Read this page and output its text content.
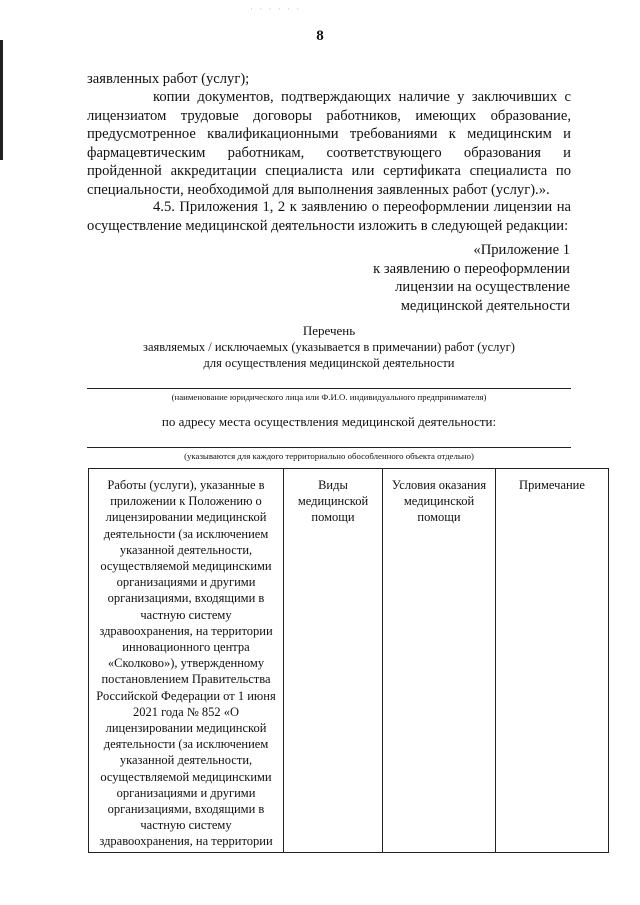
· · · · · ·
8
заявленных работ (услуг);
копии документов, подтверждающих наличие у заключивших с лицензиатом трудовые договоры работников, имеющих образование, предусмотренное квалификационными требованиями к медицинским и фармацевтическим работникам, соответствующего образования и пройденной аккредитации специалиста или сертификата специалиста по специальности, необходимой для выполнения заявленных работ (услуг).».
4.5. Приложения 1, 2 к заявлению о переоформлении лицензии на осуществление медицинской деятельности изложить в следующей редакции:
«Приложение 1
к заявлению о переоформлении
лицензии на осуществление
медицинской деятельности
Перечень
заявляемых / исключаемых (указывается в примечании) работ (услуг)
для осуществления медицинской деятельности
(наименование юридического лица или Ф.И.О. индивидуального предпринимателя)
по адресу места осуществления медицинской деятельности:
(указываются для каждого территориально обособленного объекта отдельно)
Работы (услуги), указанные в приложении к Положению о лицензировании медицинской деятельности (за исключением указанной деятельности, осуществляемой медицинскими организациями и другими организациями, входящими в частную систему здравоохранения, на территории инновационного центра «Сколково»), утвержденному постановлением Правительства Российской Федерации от 1 июня 2021 года № 852 «О лицензировании медицинской деятельности (за исключением указанной деятельности, осуществляемой медицинскими организациями и другими организациями, входящими в частную систему здравоохранения, на территории	Виды медицинской помощи	Условия оказания медицинской помощи	Примечание
